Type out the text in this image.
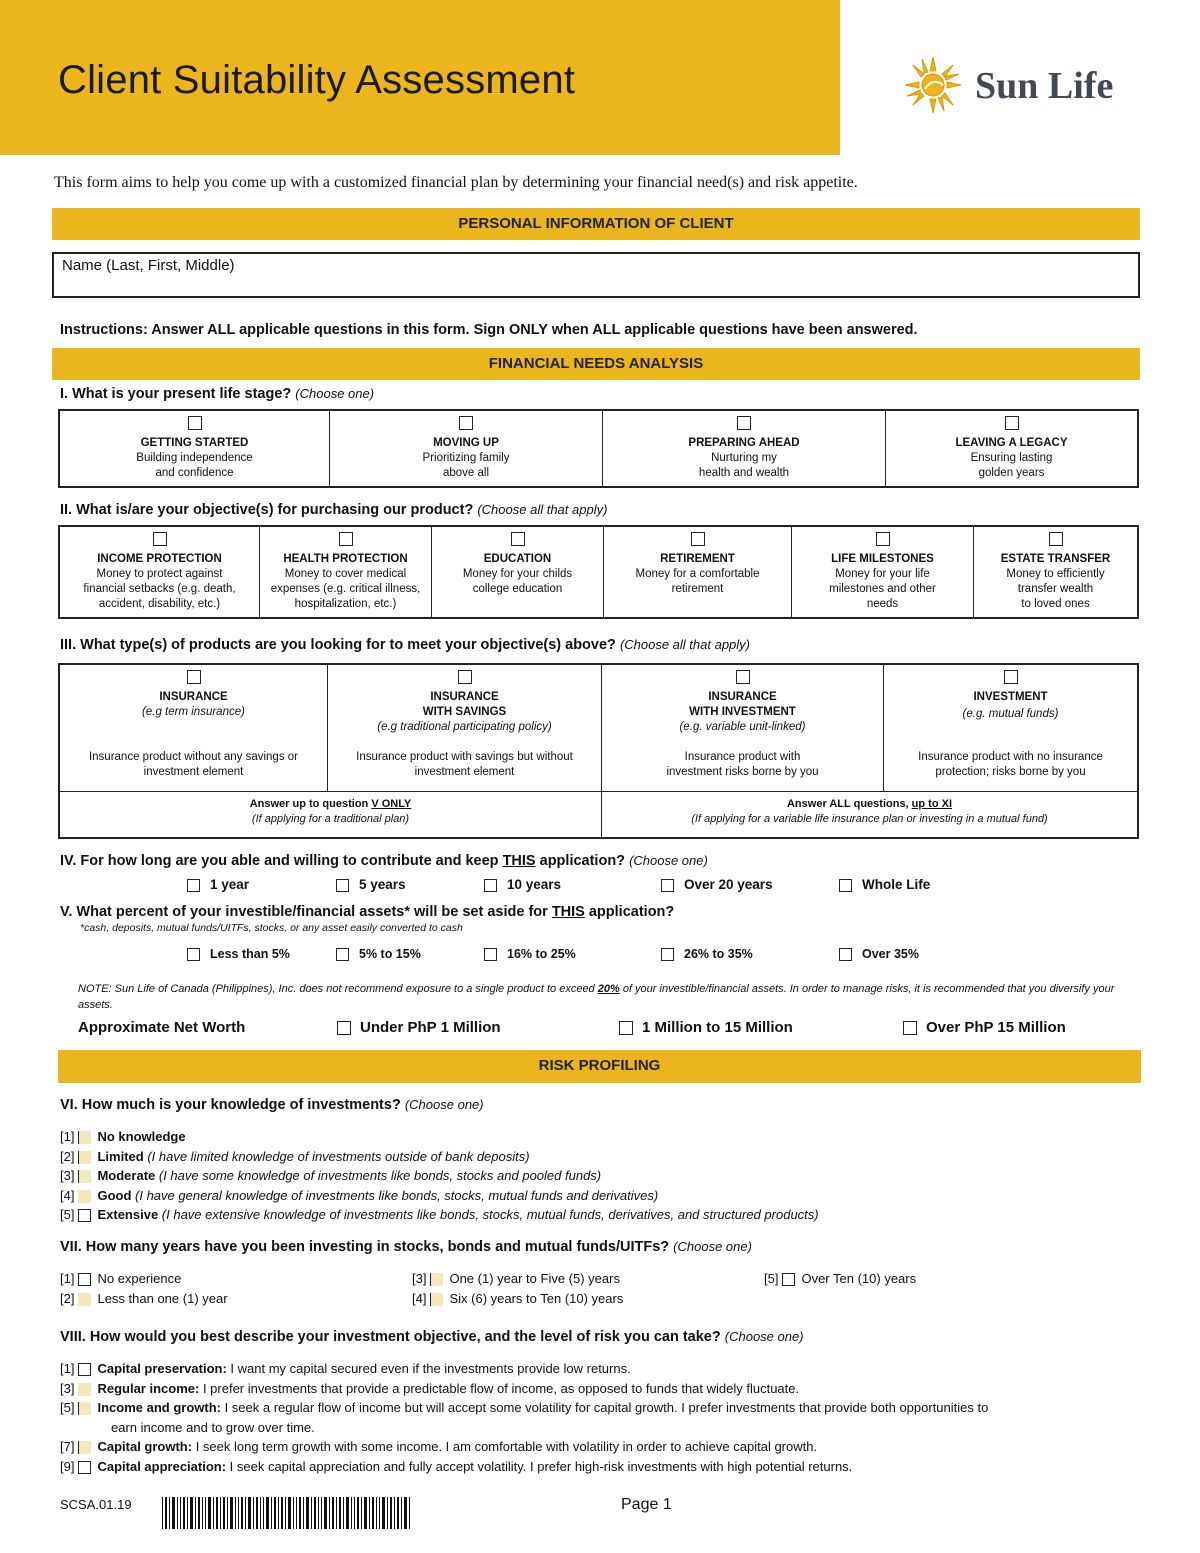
Client Suitability Assessment	Sun Life
This form aims to help you come up with a customized financial plan by determining your financial need(s) and risk appetite.
PERSONAL INFORMATION OF CLIENT
Name (Last, First, Middle)
Instructions: Answer ALL applicable questions in this form. Sign ONLY when ALL applicable questions have been answered.
FINANCIAL NEEDS ANALYSIS
I. What is your present life stage? (Choose one)
GETTING STARTED
Building independence
and confidence
MOVING UP
Prioritizing family
above all
PREPARING AHEAD
Nurturing my
health and wealth
LEAVING A LEGACY
Ensuring lasting
golden years
II. What is/are your objective(s) for purchasing our product? (Choose all that apply)
INCOME PROTECTION
Money to protect against
financial setbacks (e.g. death,
accident, disability, etc.)
HEALTH PROTECTION
Money to cover medical
expenses (e.g. critical illness,
hospitalization, etc.)
EDUCATION
Money for your childs
college education
RETIREMENT
Money for a comfortable
retirement
LIFE MILESTONES
Money for your life
milestones and other
needs
ESTATE TRANSFER
Money to efficiently
transfer wealth
to loved ones
III. What type(s) of products are you looking for to meet your objective(s) above? (Choose all that apply)
INSURANCE
(e.g term insurance)
Insurance product without any savings or
investment element
INSURANCE
WITH SAVINGS
(e.g traditional participating policy)
Insurance product with savings but without
investment element
INSURANCE
WITH INVESTMENT
(e.g. variable unit-linked)
Insurance product with
investment risks borne by you
INVESTMENT
(e.g. mutual funds)
Insurance product with no insurance
protection; risks borne by you
Answer up to question V ONLY
(If applying for a traditional plan)
Answer ALL questions, up to XI
(If applying for a variable life insurance plan or investing in a mutual fund)
IV. For how long are you able and willing to contribute and keep THIS application? (Choose one)
1 year	5 years	10 years	Over 20 years	Whole Life
V. What percent of your investible/financial assets* will be set aside for THIS application?
*cash, deposits, mutual funds/UITFs, stocks, or any asset easily converted to cash
Less than 5%	5% to 15%	16% to 25%	26% to 35%	Over 35%
NOTE: Sun Life of Canada (Philippines), Inc. does not recommend exposure to a single product to exceed 20% of your investible/financial assets. In order to manage risks, it is recommended that you diversify your assets.
Approximate Net Worth	Under PhP 1 Million	1 Million to 15 Million	Over PhP 15 Million
RISK PROFILING
VI. How much is your knowledge of investments? (Choose one)
[1] No knowledge
[2] Limited (I have limited knowledge of investments outside of bank deposits)
[3] Moderate (I have some knowledge of investments like bonds, stocks and pooled funds)
[4] Good (I have general knowledge of investments like bonds, stocks, mutual funds and derivatives)
[5] Extensive (I have extensive knowledge of investments like bonds, stocks, mutual funds, derivatives, and structured products)
VII. How many years have you been investing in stocks, bonds and mutual funds/UITFs? (Choose one)
[1] No experience
[2] Less than one (1) year
[3] One (1) year to Five (5) years
[4] Six (6) years to Ten (10) years
[5] Over Ten (10) years
VIII. How would you best describe your investment objective, and the level of risk you can take? (Choose one)
[1] Capital preservation: I want my capital secured even if the investments provide low returns.
[3] Regular income: I prefer investments that provide a predictable flow of income, as opposed to funds that widely fluctuate.
[5] Income and growth: I seek a regular flow of income but will accept some volatility for capital growth. I prefer investments that provide both opportunities to
earn income and to grow over time.
[7] Capital growth: I seek long term growth with some income. I am comfortable with volatility in order to achieve capital growth.
[9] Capital appreciation: I seek capital appreciation and fully accept volatility. I prefer high-risk investments with high potential returns.
SCSA.01.19	Page 1
